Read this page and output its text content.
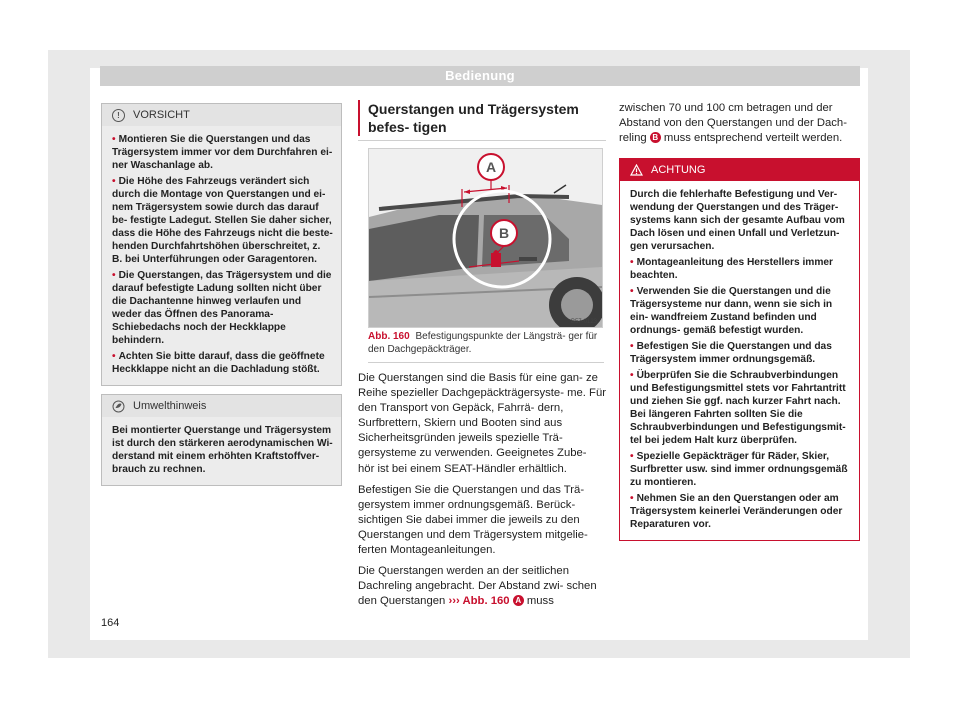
Bedienung
!	VORSICHT
• Montieren Sie die Querstangen und das Trägersystem immer vor dem Durchfahren ei- ner Waschanlage ab.
• Die Höhe des Fahrzeugs verändert sich durch die Montage von Querstangen und ei- nem Trägersystem sowie durch das darauf be- festigte Ladegut. Stellen Sie daher sicher, dass die Höhe des Fahrzeugs nicht die beste- henden Durchfahrtshöhen überschreitet, z. B. bei Unterführungen oder Garagentoren.
• Die Querstangen, das Trägersystem und die darauf befestigte Ladung sollten nicht über die Dachantenne hinweg verlaufen und weder das Öffnen des Panorama-Schiebedachs noch der Heckklappe behindern.
• Achten Sie bitte darauf, dass die geöffnete Heckklappe nicht an die Dachladung stößt.
Umwelthinweis
Bei montierter Querstange und Trägersystem ist durch den stärkeren aerodynamischen Wi- derstand mit einem erhöhten Kraftstoffver- brauch zu rechnen.
Querstangen und Trägersystem befes- tigen
A
B
B57-0123
Abb. 160 Befestigungspunkte der Längsträ- ger für den Dachgepäckträger.

Die Querstangen sind die Basis für eine gan- ze Reihe spezieller Dachgepäckträgersyste- me. Für den Transport von Gepäck, Fahrrä- dern, Surfbrettern, Skiern und Booten sind aus Sicherheitsgründen jeweils spezielle Trä- gersysteme zu verwenden. Geeignetes Zube- hör ist bei einem SEAT-Händler erhältlich.

Befestigen Sie die Querstangen und das Trä- gersystem immer ordnungsgemäß. Berück- sichtigen Sie dabei immer die jeweils zu den Querstangen und dem Trägersystem mitgelie- ferten Montageanleitungen.

Die Querstangen werden an der seitlichen Dachreling angebracht. Der Abstand zwi- schen den Querstangen ››› Abb. 160 A muss

zwischen 70 und 100 cm betragen und der Abstand von den Querstangen und der Dach- reling B muss entsprechend verteilt werden.

ACHTUNG
Durch die fehlerhafte Befestigung und Ver- wendung der Querstangen und des Träger- systems kann sich der gesamte Aufbau vom Dach lösen und einen Unfall und Verletzun- gen verursachen.
• Montageanleitung des Herstellers immer beachten.
• Verwenden Sie die Querstangen und die Trägersysteme nur dann, wenn sie sich in ein- wandfreiem Zustand befinden und ordnungs- gemäß befestigt wurden.
• Befestigen Sie die Querstangen und das Trägersystem immer ordnungsgemäß.
• Überprüfen Sie die Schraubverbindungen und Befestigungsmittel stets vor Fahrtantritt und ziehen Sie ggf. nach kurzer Fahrt nach. Bei längeren Fahrten sollten Sie die Schraubverbindungen und Befestigungsmit- tel bei jedem Halt kurz überprüfen.
• Spezielle Gepäckträger für Räder, Skier, Surfbretter usw. sind immer ordnungsgemäß zu montieren.
• Nehmen Sie an den Querstangen oder am Trägersystem keinerlei Veränderungen oder Reparaturen vor.
164
